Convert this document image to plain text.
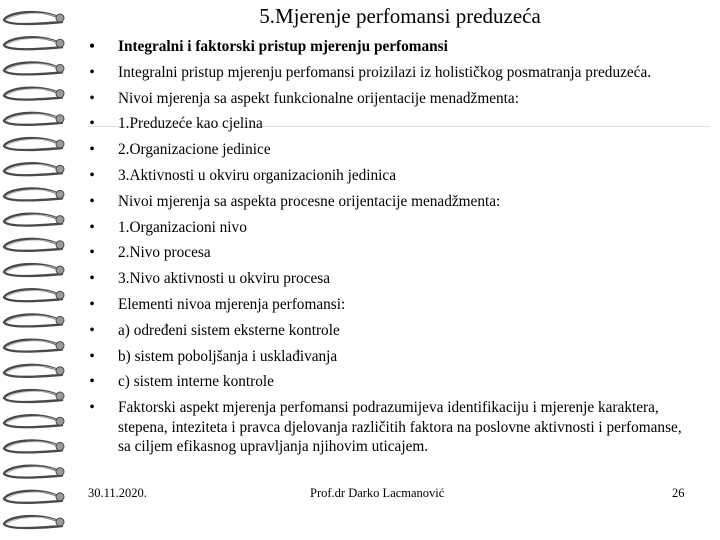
5.Mjerenje perfomansi preduzeća
• Integralni i faktorski pristup mjerenju perfomansi
• Integralni pristup mjerenju perfomansi proizilazi iz holističkog posmatranja preduzeća.
• Nivoi mjerenja sa aspekt funkcionalne orijentacije menadžmenta:
• 1.Preduzeće kao cjelina
• 2.Organizacione jedinice
• 3.Aktivnosti u okviru organizacionih jedinica
• Nivoi mjerenja sa aspekta procesne orijentacije menadžmenta:
• 1.Organizacioni nivo
• 2.Nivo procesa
• 3.Nivo aktivnosti u okviru procesa
• Elementi nivoa mjerenja perfomansi:
• a) određeni sistem eksterne kontrole
• b) sistem poboljšanja i usklađivanja
• c) sistem interne kontrole
• Faktorski aspekt mjerenja perfomansi podrazumijeva identifikaciju i mjerenje karaktera, stepena, inteziteta i pravca djelovanja različitih faktora na poslovne aktivnosti i perfomanse, sa ciljem efikasnog upravljanja njihovim uticajem.
30.11.2020.	Prof.dr Darko Lacmanović	26
